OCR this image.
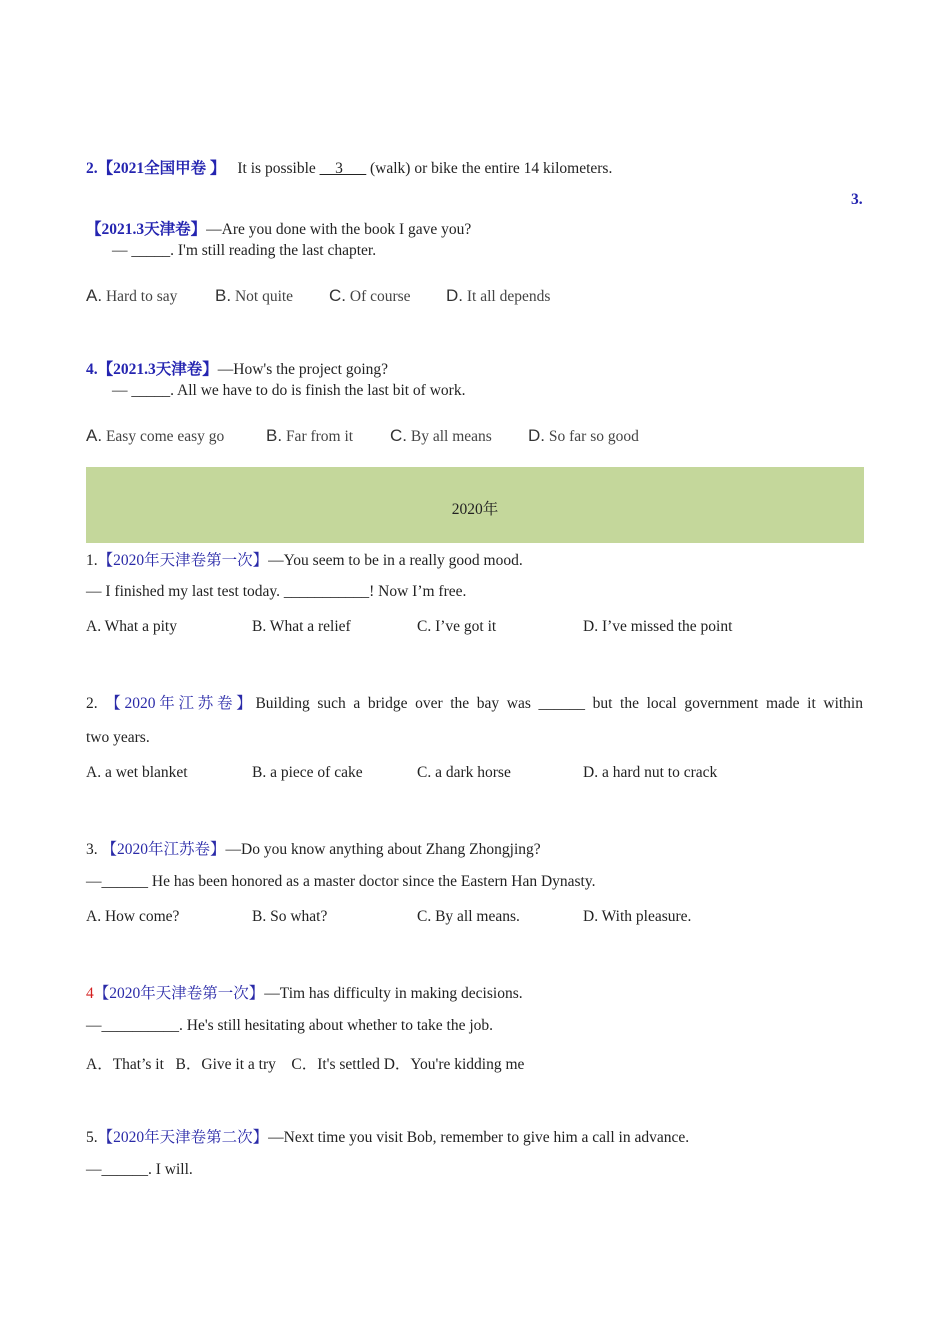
2.【2021全国甲卷 】 It is possible __3___ (walk) or bike the entire 14 kilometers.
3.
【2021.3天津卷】—Are you done with the book I gave you?
— _____. I'm still reading the last chapter.
A. Hard to say B. Not quite C. Of course D. It all depends
4.【2021.3天津卷】—How's the project going?
— _____. All we have to do is finish the last bit of work.
A. Easy come easy go B. Far from it C. By all means D. So far so good
2020年
1.【2020年天津卷第一次】—You seem to be in a really good mood.
— I finished my last test today. ___________! Now I’m free.
A. What a pity	B. What a relief	C. I’ve got it	D. I’ve missed the point
2. 【2020年江苏卷】Building such a bridge over the bay was ______ but the local government made it within
two years.
A. a wet blanket	B. a piece of cake	C. a dark horse	D. a hard nut to crack
3. 【2020年江苏卷】—Do you know anything about Zhang Zhongjing?
—______ He has been honored as a master doctor since the Eastern Han Dynasty.
A. How come?	B. So what?	C. By all means.	D. With pleasure.
4【2020年天津卷第一次】—Tim has difficulty in making decisions.
—__________. He's still hesitating about whether to take the job.
A．That’s it   B．Give it a try    C．It's settled D．You're kidding me
5.【2020年天津卷第二次】—Next time you visit Bob, remember to give him a call in advance.
—______. I will.
